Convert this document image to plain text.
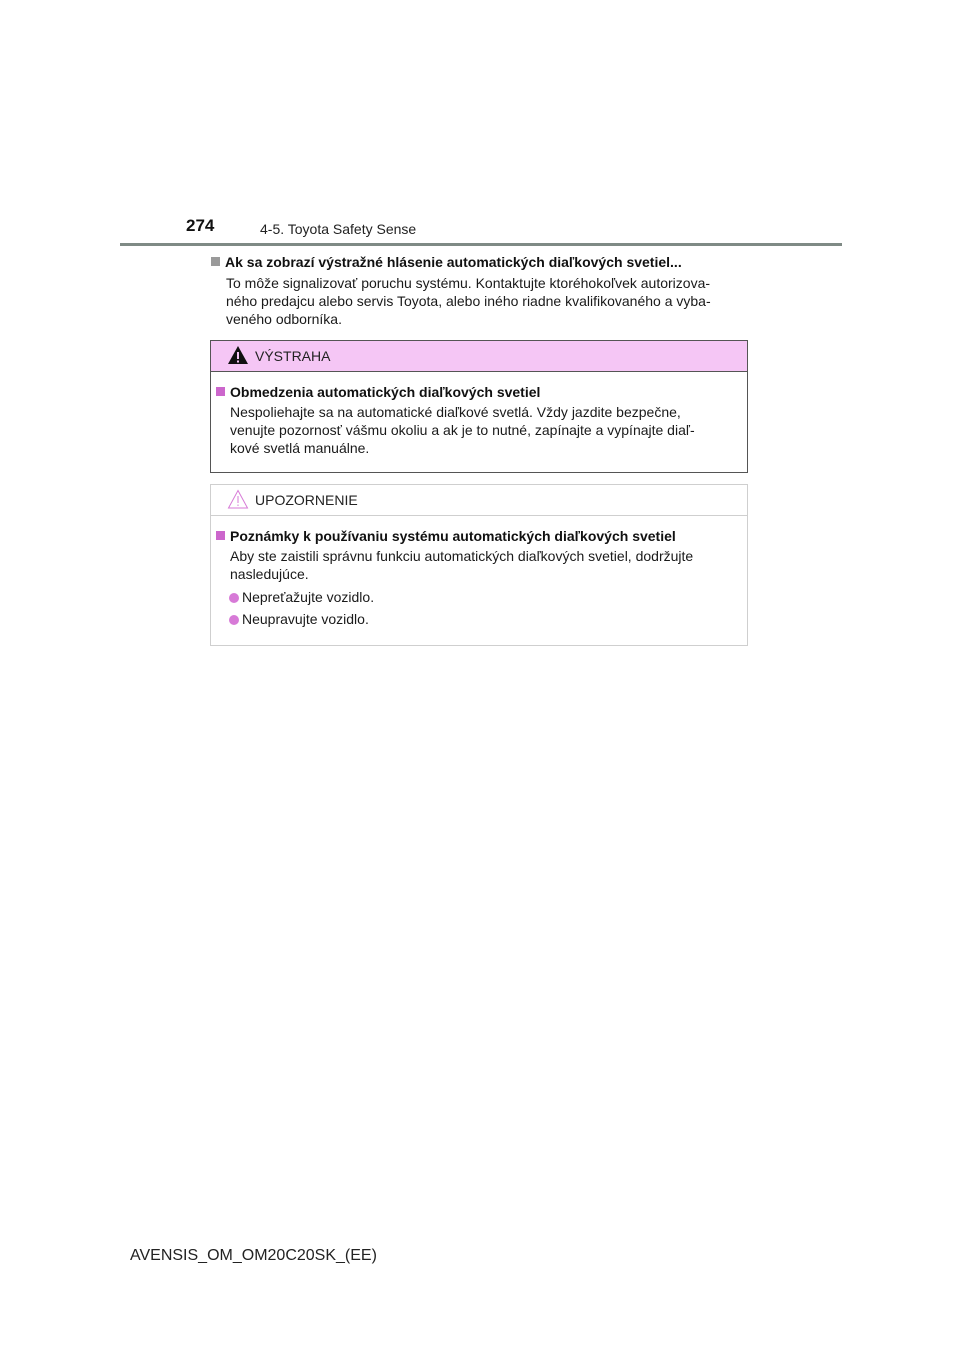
274	4-5. Toyota Safety Sense
Ak sa zobrazí výstražné hlásenie automatických diaľkových svetiel...
To môže signalizovať poruchu systému. Kontaktujte ktoréhokoľvek autorizova-
ného predajcu alebo servis Toyota, alebo iného riadne kvalifikovaného a vyba-
veného odborníka.
VÝSTRAHA
Obmedzenia automatických diaľkových svetiel
Nespoliehajte sa na automatické diaľkové svetlá. Vždy jazdite bezpečne,
venujte pozornosť vášmu okoliu a ak je to nutné, zapínajte a vypínajte diaľ-
kové svetlá manuálne.
UPOZORNENIE
Poznámky k používaniu systému automatických diaľkových svetiel
Aby ste zaistili správnu funkciu automatických diaľkových svetiel, dodržujte
nasledujúce.
Nepreťažujte vozidlo.
Neupravujte vozidlo.
AVENSIS_OM_OM20C20SK_(EE)
